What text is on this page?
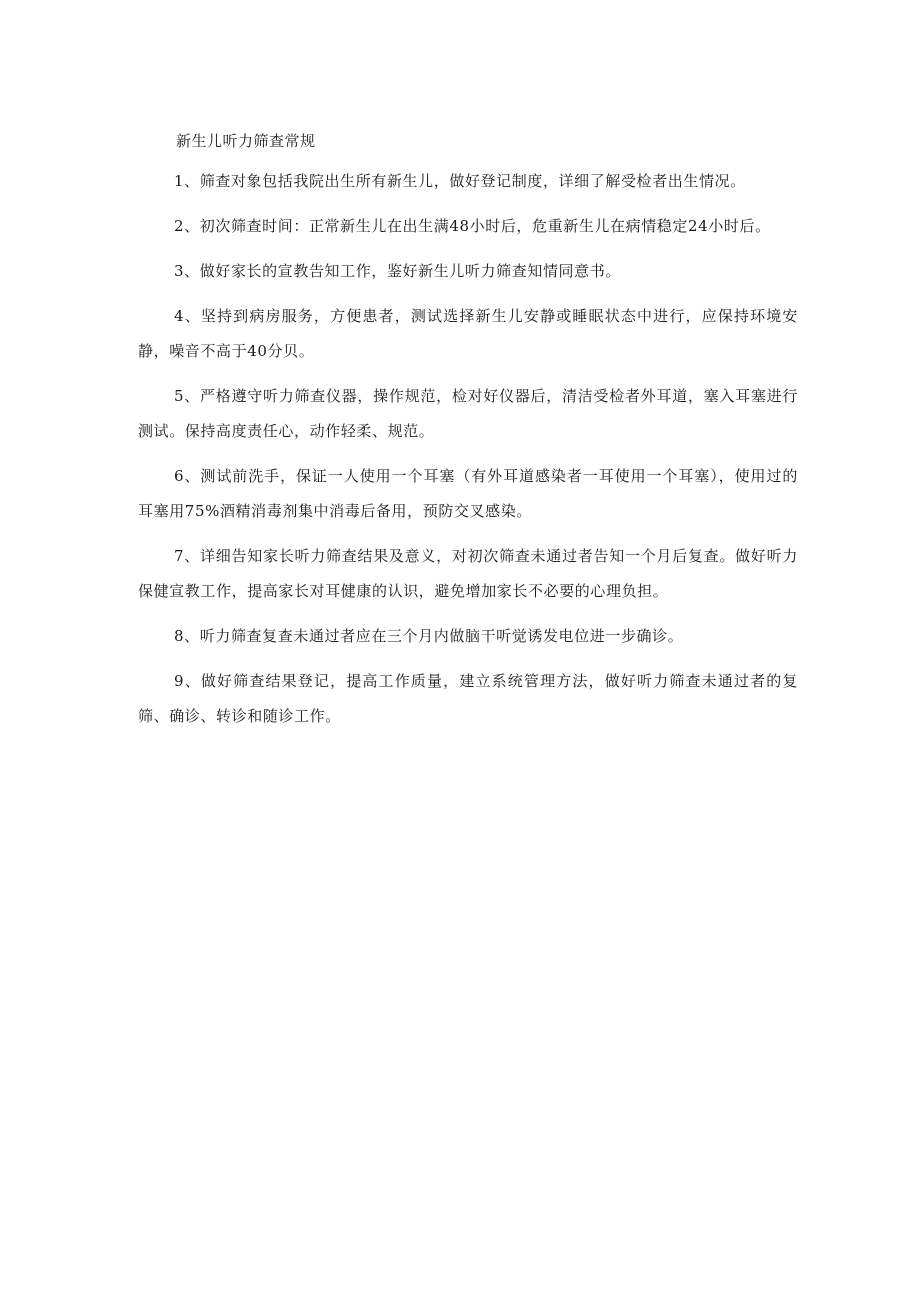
新生儿听力筛查常规

1、筛查对象包括我院出生所有新生儿，做好登记制度，详细了解受检者出生情况。

2、初次筛查时间：正常新生儿在出生满48小时后，危重新生儿在病情稳定24小时后。

3、做好家长的宣教告知工作，鉴好新生儿听力筛查知情同意书。

4、坚持到病房服务，方便患者，测试选择新生儿安静或睡眠状态中进行，应保持环境安静，噪音不高于40分贝。

5、严格遵守听力筛查仪器，操作规范，检对好仪器后，清洁受检者外耳道，塞入耳塞进行测试。保持高度责任心，动作轻柔、规范。

6、测试前洗手，保证一人使用一个耳塞（有外耳道感染者一耳使用一个耳塞），使用过的耳塞用75%酒精消毒剂集中消毒后备用，预防交叉感染。

7、详细告知家长听力筛查结果及意义，对初次筛查未通过者告知一个月后复查。做好听力保健宣教工作，提高家长对耳健康的认识，避免增加家长不必要的心理负担。

8、听力筛查复查未通过者应在三个月内做脑干听觉诱发电位进一步确诊。

9、做好筛查结果登记，提高工作质量，建立系统管理方法，做好听力筛查未通过者的复筛、确诊、转诊和随诊工作。
